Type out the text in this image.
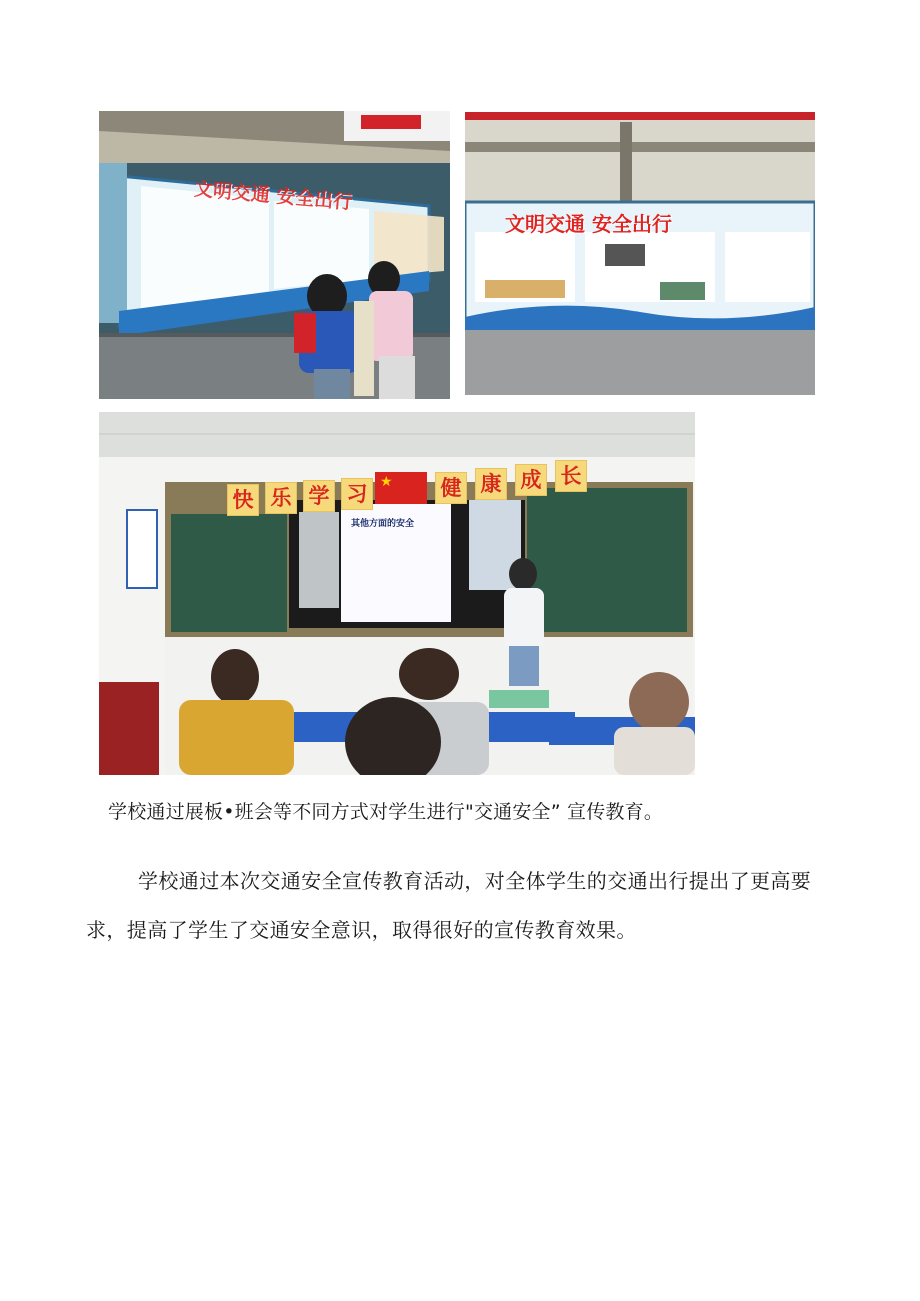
文明交通 安全出行
文明交通 安全出行
快 乐 学 习 ★ 健 康 成 长
其他方面的安全
学校通过展板•班会等不同方式对学生进行"交通安全” 宣传教育。
学校通过本次交通安全宣传教育活动，对全体学生的交通出行提出了更高要求，提高了学生了交通安全意识，取得很好的宣传教育效果。
